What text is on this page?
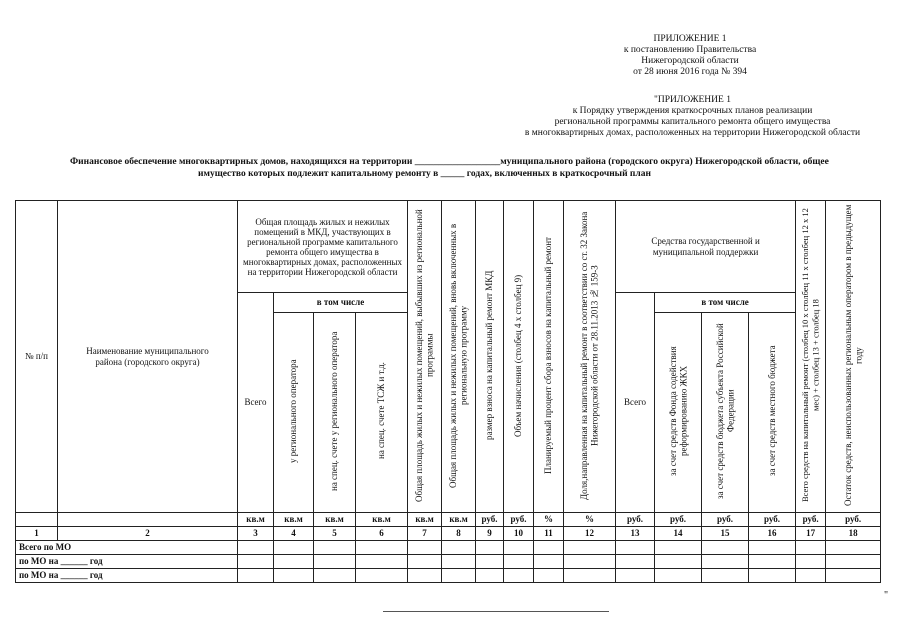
ПРИЛОЖЕНИЕ 1
к постановлению Правительства
Нижегородской области
от 28 июня 2016 года № 394
"ПРИЛОЖЕНИЕ 1
к Порядку утверждения краткосрочных планов реализации
региональной программы капитального ремонта общего имущества
в многоквартирных домах, расположенных на территории Нижегородской области
Финансовое обеспечение многоквартирных домов, находящихся на территории __________________муниципального района (городского округа) Нижегородской области, общее
имущество которых подлежит капитальному ремонту в _____ годах, включенных в краткосрочный план
№ п/п	Наименование муниципального района (городского округа)	Общая площадь жилых и нежилых помещений в МКД, участвующих в региональной программе капитального ремонта общего имущества в многоквартирных домах, расположенных на территории Нижегородской области				Общая площадь жилых и нежилых помещений, выбывших из региональной программы	Общая площадь жилых и нежилых помещений, вновь включенных в региональную программу	размер взноса на капитальный ремонт МКД	Объем начисления (столбец 4 х столбец 9)	Планируемый процент сбора взносов на капитальный ремонт	Доля,направленная на капитальный ремонт в соответствии со ст. 32 Закона Нижегородской области от 28.11.2013 № 159-З	Средства государственной и муниципальной поддержки				Всего средств на капитальный ремонт (столбец 10 х столбец 11 х столбец 12 х 12 мес) + столбец 13 + столбец 18	Остаток средств, неиспользованных региональным оператором в предыдущем году
		Всего	в том числе									Всего	в том числе				
			у регионального оператора	на спец. счете у регионального оператора	на спец. счете ТСЖ и т.д.								за счет средств Фонда содействия реформированию ЖКХ	за счет средств бюджета субъекта Российской Федерации	за счет средств местного бюджета		
		кв.м	кв.м	кв.м	кв.м	кв.м	кв.м	руб.	руб.	%	%	руб.	руб.	руб.	руб.	руб.	руб.
1	2	3	4	5	6	7	8	9	10	11	12	13	14	15	16	17	18
Всего по МО																	
по МО на ______ год																	
по МО на ______ год																	
"
